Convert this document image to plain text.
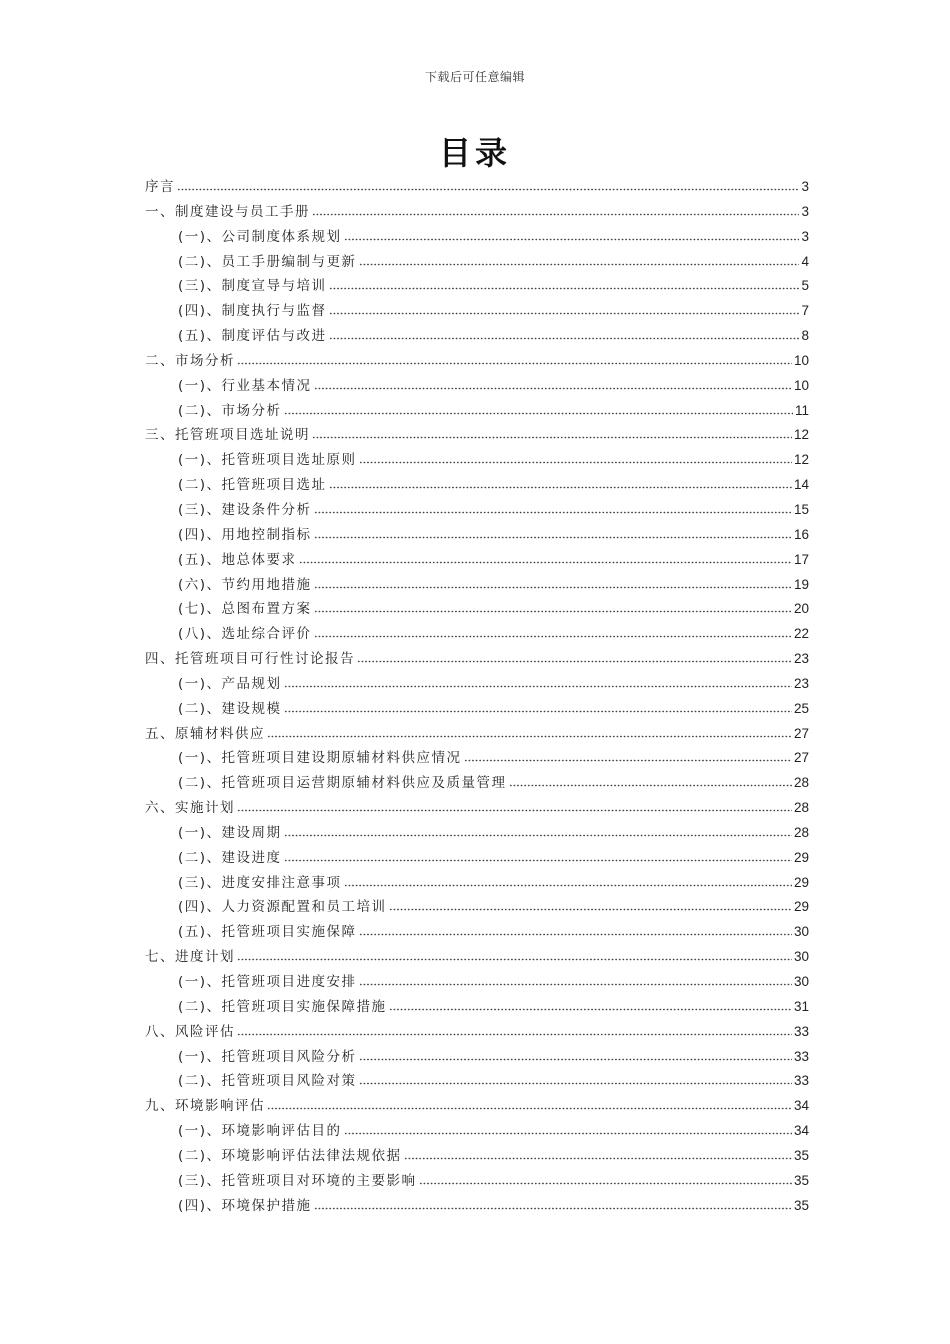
下载后可任意编辑
目录
序言	3
一、制度建设与员工手册	3
(一)、公司制度体系规划	3
(二)、员工手册编制与更新	4
(三)、制度宣导与培训	5
(四)、制度执行与监督	7
(五)、制度评估与改进	8
二、市场分析	10
(一)、行业基本情况	10
(二)、市场分析	11
三、托管班项目选址说明	12
(一)、托管班项目选址原则	12
(二)、托管班项目选址	14
(三)、建设条件分析	15
(四)、用地控制指标	16
(五)、地总体要求	17
(六)、节约用地措施	19
(七)、总图布置方案	20
(八)、选址综合评价	22
四、托管班项目可行性讨论报告	23
(一)、产品规划	23
(二)、建设规模	25
五、原辅材料供应	27
(一)、托管班项目建设期原辅材料供应情况	27
(二)、托管班项目运营期原辅材料供应及质量管理	28
六、实施计划	28
(一)、建设周期	28
(二)、建设进度	29
(三)、进度安排注意事项	29
(四)、人力资源配置和员工培训	29
(五)、托管班项目实施保障	30
七、进度计划	30
(一)、托管班项目进度安排	30
(二)、托管班项目实施保障措施	31
八、风险评估	33
(一)、托管班项目风险分析	33
(二)、托管班项目风险对策	33
九、环境影响评估	34
(一)、环境影响评估目的	34
(二)、环境影响评估法律法规依据	35
(三)、托管班项目对环境的主要影响	35
(四)、环境保护措施	35
